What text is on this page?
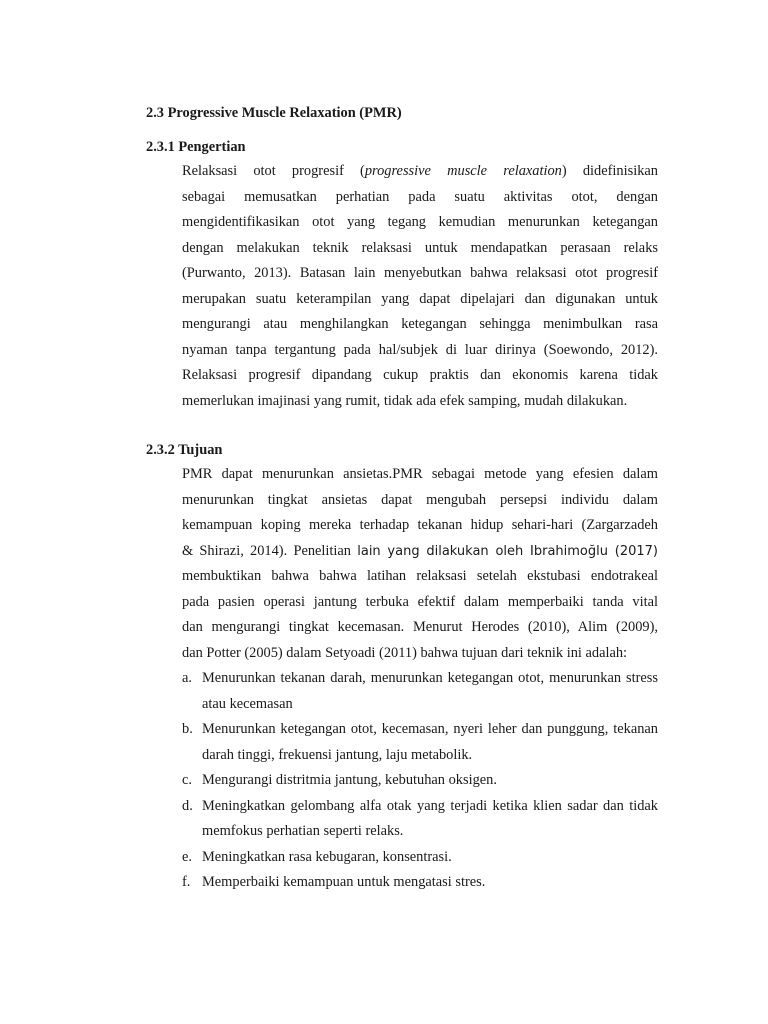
2.3 Progressive Muscle Relaxation (PMR)
2.3.1 Pengertian
Relaksasi otot progresif (progressive muscle relaxation) didefinisikan
sebagai memusatkan perhatian pada suatu aktivitas otot, dengan
mengidentifikasikan otot yang tegang kemudian menurunkan ketegangan
dengan melakukan teknik relaksasi untuk mendapatkan perasaan relaks
(Purwanto, 2013). Batasan lain menyebutkan bahwa relaksasi otot progresif
merupakan suatu keterampilan yang dapat dipelajari dan digunakan untuk
mengurangi atau menghilangkan ketegangan sehingga menimbulkan rasa
nyaman tanpa tergantung pada hal/subjek di luar dirinya (Soewondo, 2012).
Relaksasi progresif dipandang cukup praktis dan ekonomis karena tidak
memerlukan imajinasi yang rumit, tidak ada efek samping, mudah dilakukan.
2.3.2 Tujuan
PMR dapat menurunkan ansietas.PMR sebagai metode yang efesien dalam
menurunkan tingkat ansietas dapat mengubah persepsi individu dalam
kemampuan koping mereka terhadap tekanan hidup sehari-hari (Zargarzadeh
& Shirazi, 2014). Penelitian lain yang dilakukan oleh Ibrahimoğlu (2017)
membuktikan bahwa bahwa latihan relaksasi setelah ekstubasi endotrakeal
pada pasien operasi jantung terbuka efektif dalam memperbaiki tanda vital
dan mengurangi tingkat kecemasan. Menurut Herodes (2010), Alim (2009),
dan Potter (2005) dalam Setyoadi (2011) bahwa tujuan dari teknik ini adalah:
a. Menurunkan tekanan darah, menurunkan ketegangan otot, menurunkan stress atau kecemasan
b. Menurunkan ketegangan otot, kecemasan, nyeri leher dan punggung, tekanan darah tinggi, frekuensi jantung, laju metabolik.
c. Mengurangi distritmia jantung, kebutuhan oksigen.
d. Meningkatkan gelombang alfa otak yang terjadi ketika klien sadar dan tidak memfokus perhatian seperti relaks.
e. Meningkatkan rasa kebugaran, konsentrasi.
f. Memperbaiki kemampuan untuk mengatasi stres.
